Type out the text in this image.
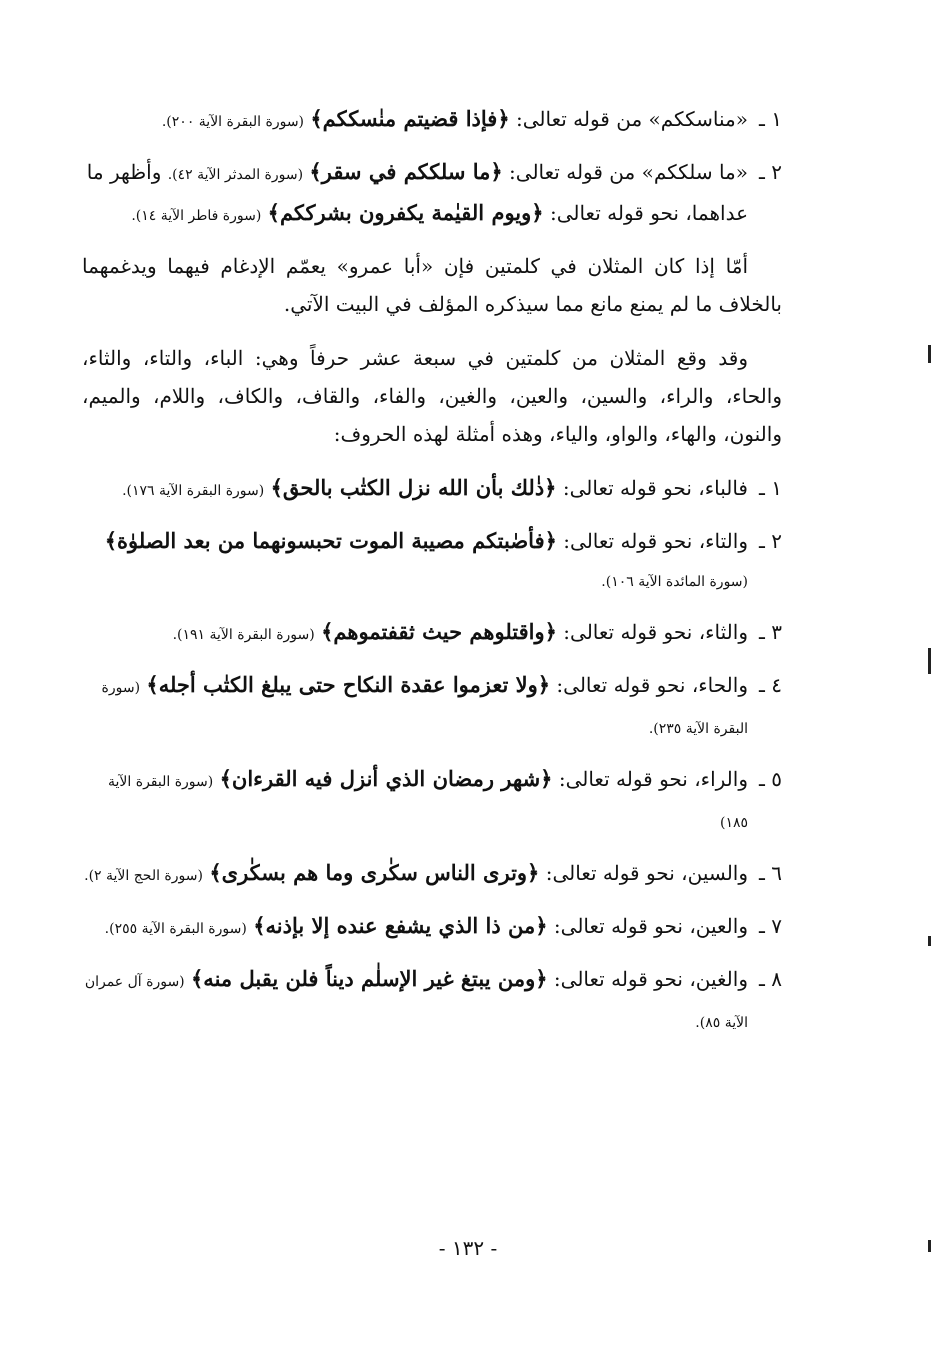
١ ـ
«مناسككم» من قوله تعالى: ﴿فإذا قضيتم منٰسككم﴾ (سورة البقرة الآية ٢٠٠).
٢ ـ
«ما سلككم» من قوله تعالى: ﴿ما سلككم في سقر﴾ (سورة المدثر الآية ٤٢). وأظهر ما عداهما، نحو قوله تعالى: ﴿ويوم القيٰمة يكفرون بشرككم﴾ (سورة فاطر الآية ١٤).

أمّا إذا كان المثلان في كلمتين فإن «أبا عمرو» يعمّم الإدغام فيهما ويدغمهما بالخلاف ما لم يمنع مانع مما سيذكره المؤلف في البيت الآتي.

وقد وقع المثلان من كلمتين في سبعة عشر حرفاً وهي: الباء، والتاء، والثاء، والحاء، والراء، والسين، والعين، والغين، والفاء، والقاف، والكاف، واللام، والميم، والنون، والهاء، والواو، والياء، وهذه أمثلة لهذه الحروف:

١ ـ
فالباء، نحو قوله تعالى: ﴿ذٰلك بأن الله نزل الكتٰب بالحق﴾ (سورة البقرة الآية ١٧٦).
٢ ـ
والتاء، نحو قوله تعالى: ﴿فأصٰبتكم مصيبة الموت تحبسونهما من بعد الصلوٰة﴾ (سورة المائدة الآية ١٠٦).
٣ ـ
والثاء، نحو قوله تعالى: ﴿واقتلوهم حيث ثقفتموهم﴾ (سورة البقرة الآية ١٩١).
٤ ـ
والحاء، نحو قوله تعالى: ﴿ولا تعزموا عقدة النكاح حتى يبلغ الكتٰب أجله﴾ (سورة البقرة الآية ٢٣٥).
٥ ـ
والراء، نحو قوله تعالى: ﴿شهر رمضان الذي أنزل فيه القرءان﴾ (سورة البقرة الآية ١٨٥)
٦ ـ
والسين، نحو قوله تعالى: ﴿وترى الناس سكٰرى وما هم بسكٰرى﴾ (سورة الحج الآية ٢).
٧ ـ
والعين، نحو قوله تعالى: ﴿من ذا الذي يشفع عنده إلا بإذنه﴾ (سورة البقرة الآية ٢٥٥).
٨ ـ
والغين، نحو قوله تعالى: ﴿ومن يبتغ غير الإسلٰم ديناً فلن يقبل منه﴾ (سورة آل عمران الآية ٨٥).
- ١٣٢ -
